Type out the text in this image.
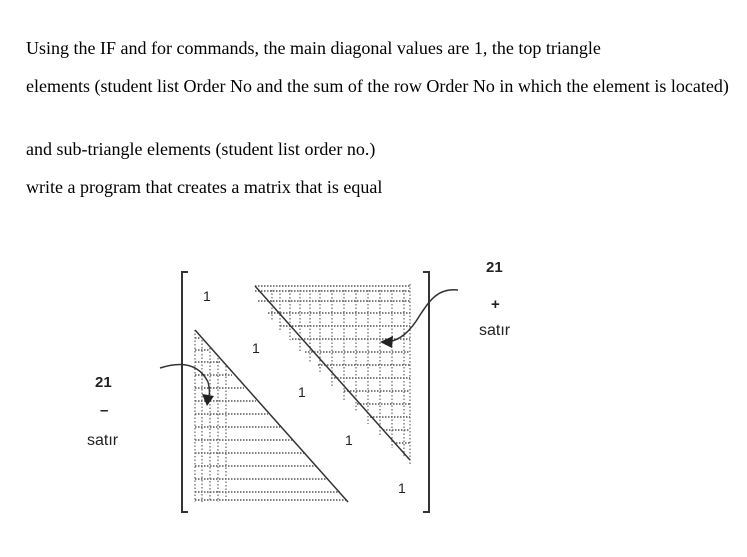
Using the IF and for commands, the main diagonal values are 1, the top triangle

elements (student list Order No and the sum of the row Order No in which the element is located)

and sub-triangle elements (student list order no.)

write a program that creates a matrix that is equal

1
1
1
1
1
21
+
satır
21
–
satır
